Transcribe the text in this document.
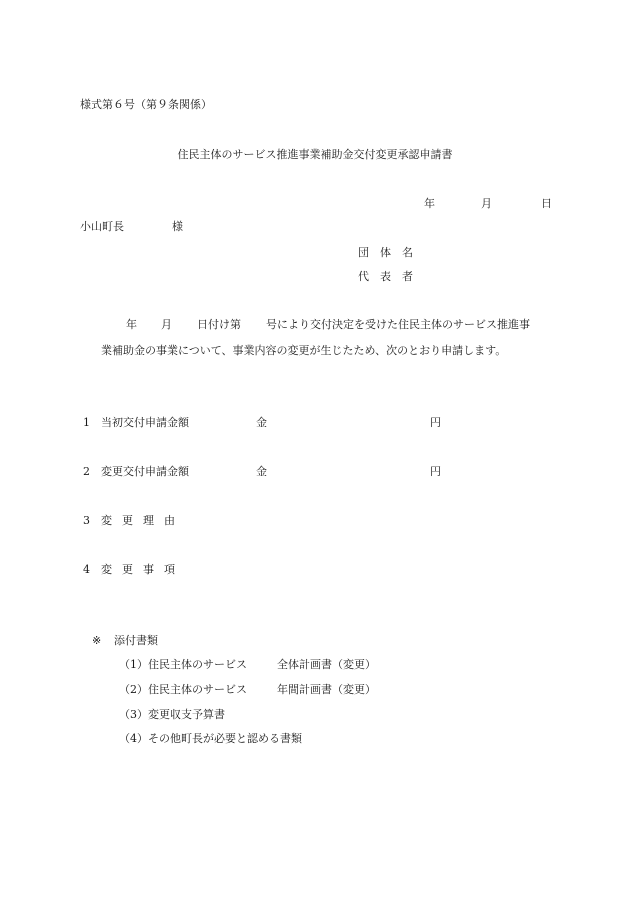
様式第６号（第９条関係）
住民主体のサービス推進事業補助金交付変更承認申請書
年	月	日
小山町長	様
団体名
代表者
年 月 日付け第 号により交付決定を受けた住民主体のサービス推進事
業補助金の事業について、事業内容の変更が生じたため、次のとおり申請します。
1 当初交付申請金額	金	円
2 変更交付申請金額	金	円
3 変更理由
4 変更事項
※ 添付書類
（1）住民主体のサービス	全体計画書（変更）
（2）住民主体のサービス	年間計画書（変更）
（3）変更収支予算書
（4）その他町長が必要と認める書類
